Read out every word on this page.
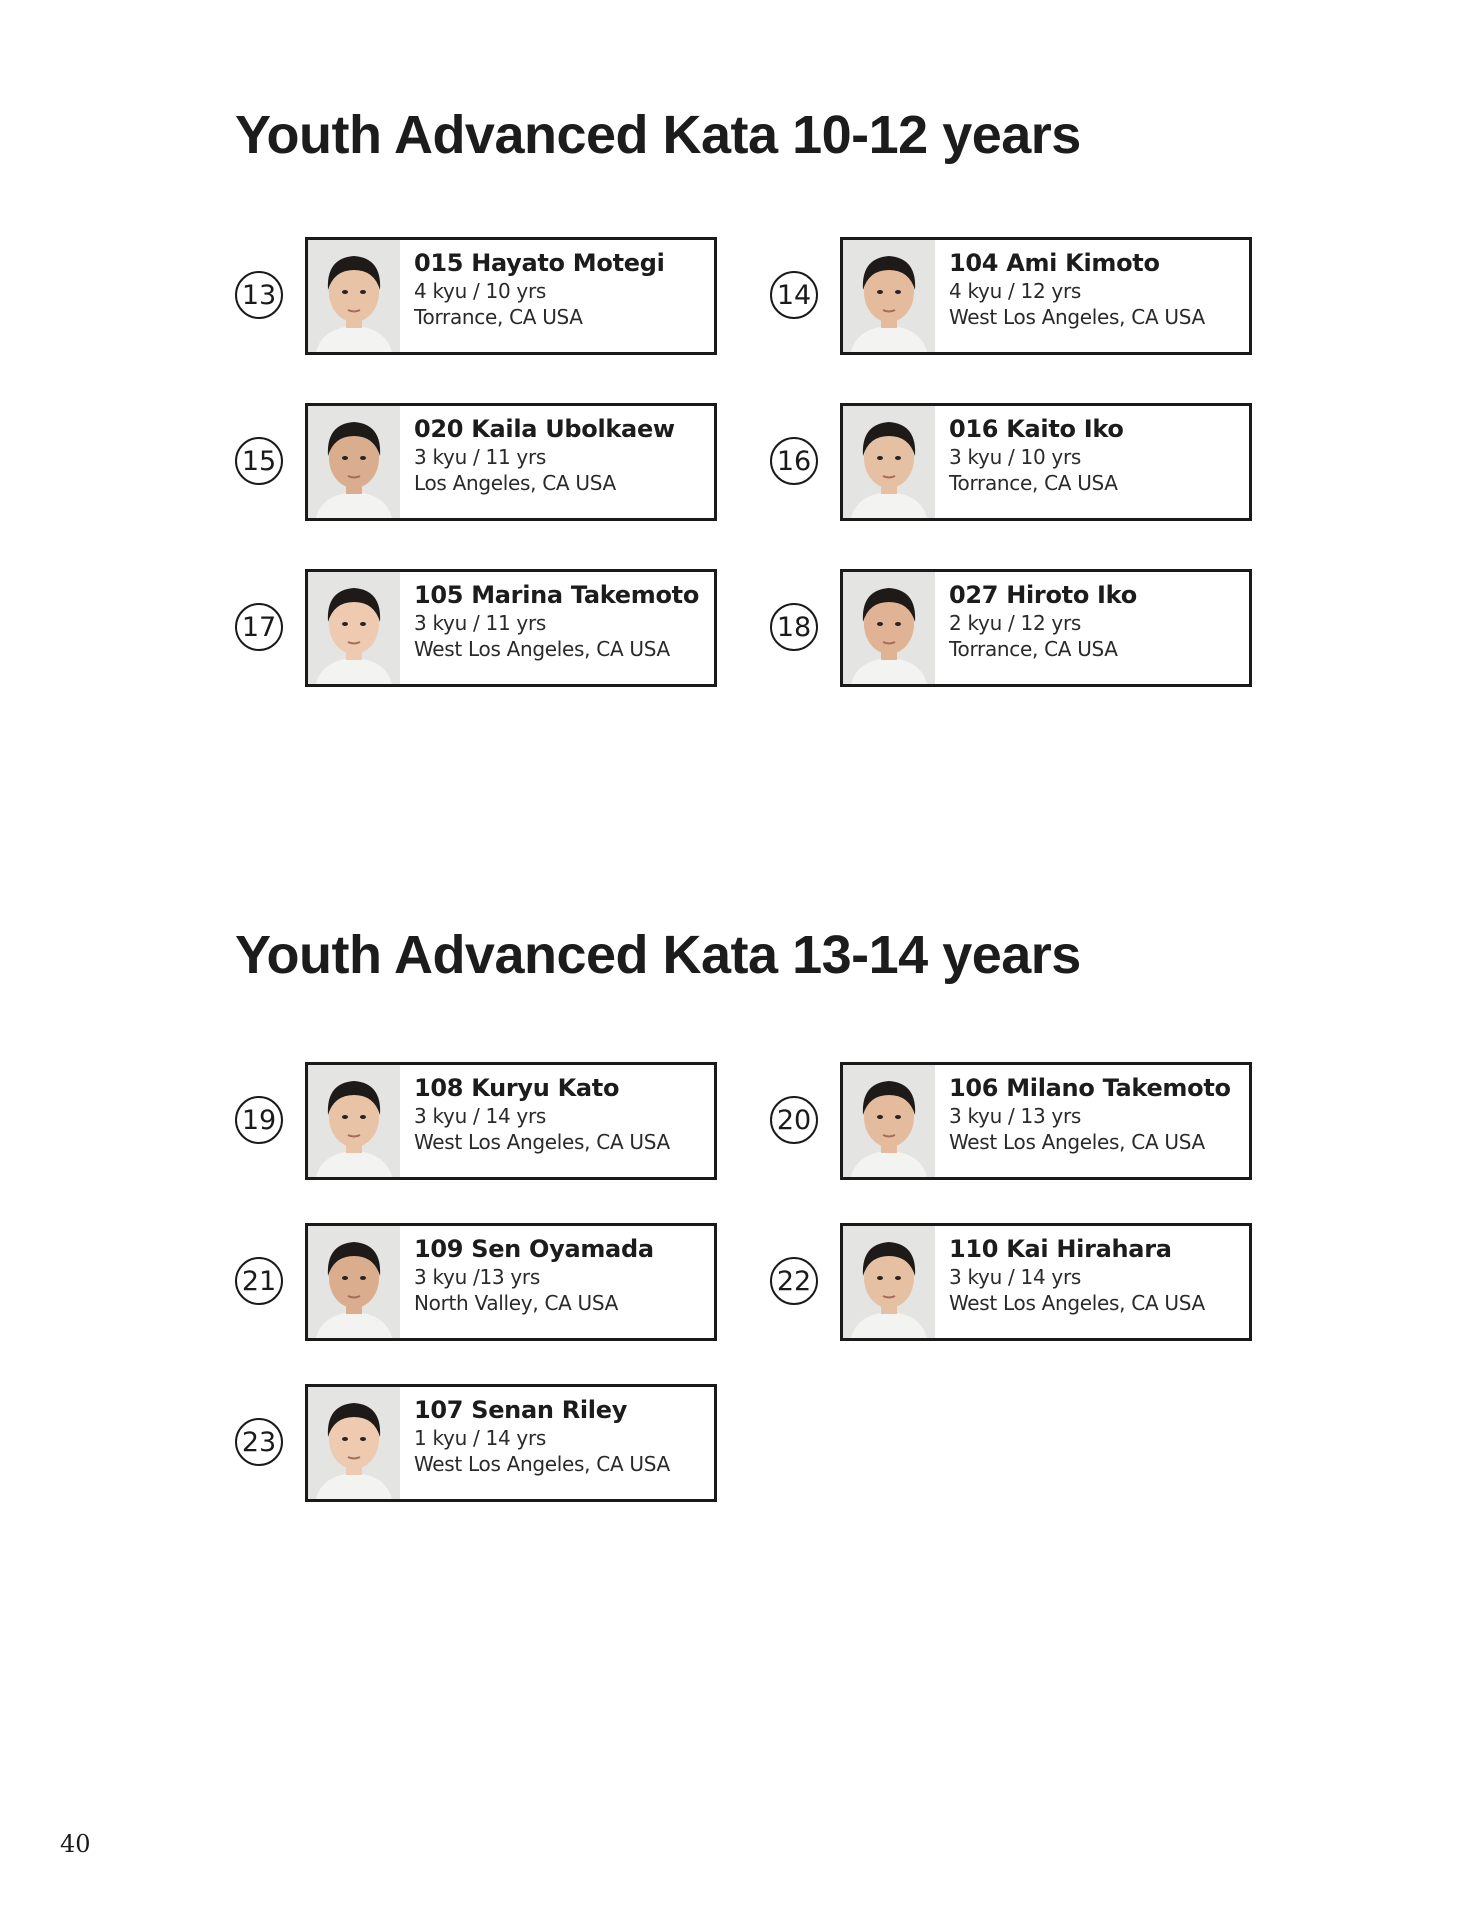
Youth Advanced Kata 10-12 years
Youth Advanced Kata 13-14 years
13
015 Hayato Motegi
4 kyu / 10 yrs
Torrance, CA USA
14
104 Ami Kimoto
4 kyu / 12 yrs
West Los Angeles, CA USA
15
020 Kaila Ubolkaew
3 kyu / 11 yrs
Los Angeles, CA USA
16
016 Kaito Iko
3 kyu / 10 yrs
Torrance, CA USA
17
105 Marina Takemoto
3 kyu / 11 yrs
West Los Angeles, CA USA
18
027 Hiroto Iko
2 kyu / 12 yrs
Torrance, CA USA
19
108 Kuryu Kato
3 kyu / 14 yrs
West Los Angeles, CA USA
20
106 Milano Takemoto
3 kyu / 13 yrs
West Los Angeles, CA USA
21
109 Sen Oyamada
3 kyu /13 yrs
North Valley, CA USA
22
110 Kai Hirahara
3 kyu / 14 yrs
West Los Angeles, CA USA
23
107 Senan Riley
1 kyu / 14 yrs
West Los Angeles, CA USA
40
